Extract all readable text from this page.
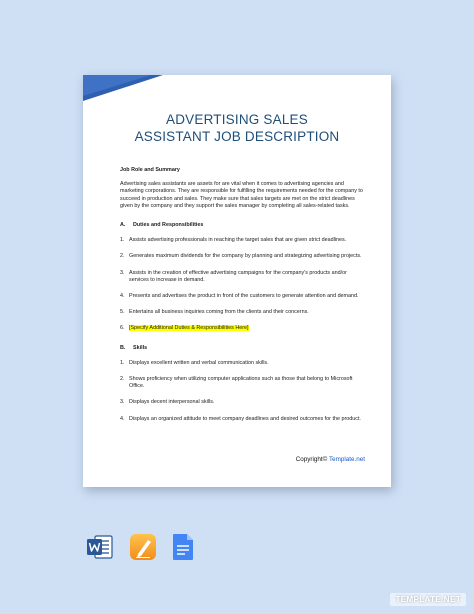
ADVERTISING SALES
ASSISTANT JOB DESCRIPTION
Job Role and Summary
Advertising sales assistants are assets for are vital when it comes to advertising agencies and marketing corporations. They are responsible for fulfilling the requirements needed for the company to succeed in production and sales. They make sure that sales targets are met on the strict deadlines given by the company and they support the sales manager by completing all sales-related tasks.
A. Duties and Responsibilities
1. Assists advertising professionals in reaching the target sales that are given strict deadlines.
2. Generates maximum dividends for the company by planning and strategizing advertising projects.
3. Assists in the creation of effective advertising campaigns for the company's products and/or services to increase in demand.
4. Presents and advertises the product in front of the customers to generate attention and demand.
5. Entertains all business inquiries coming from the clients and their concerns.
6. [Specify Additional Duties & Responsibilities Here]
B. Skills
1. Displays excellent written and verbal communication skills.
2. Shows proficiency when utilizing computer applications such as those that belong to Microsoft Office.
3. Displays decent interpersonal skills.
4. Displays an organized attitude to meet company deadlines and desired outcomes for the product.
Copyright© Template.net
TEMPLATE.NET
